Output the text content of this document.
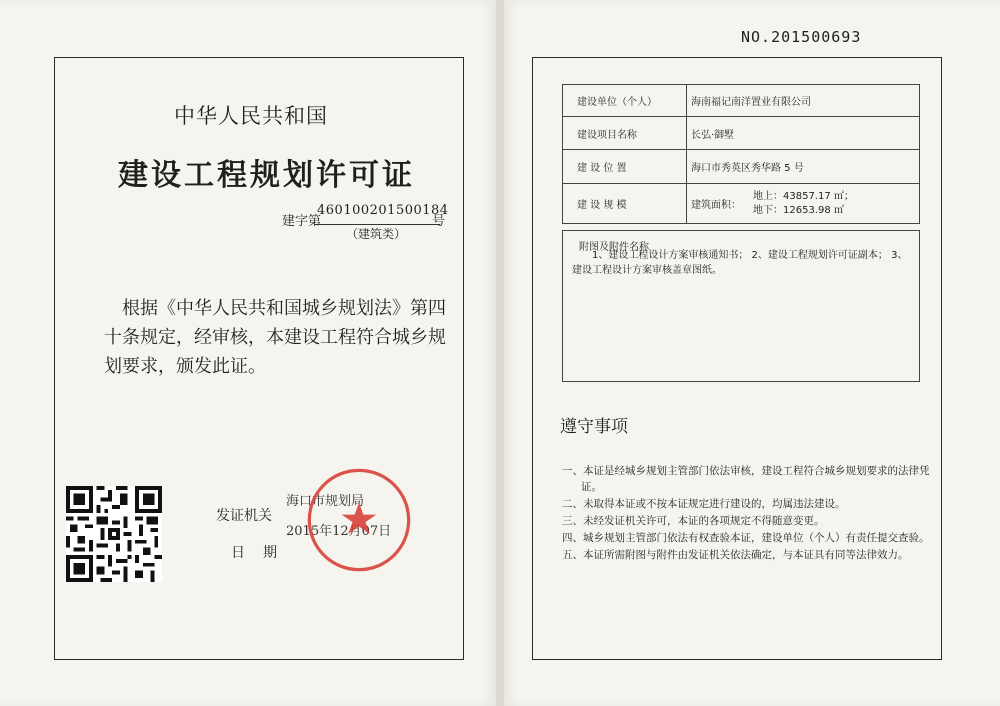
中华人民共和国
建设工程规划许可证
建字第
460100201500184
号
（建筑类）
根据《中华人民共和国城乡规划法》第四十条规定，经审核，本建设工程符合城乡规划要求，颁发此证。
发证机关
日期
海口市规划局
2015年12月07日
NO.201500693
建设单位（个人）	海南福记南洋置业有限公司
建设项目名称	长弘·御墅
建 设 位 置	海口市秀英区秀华路 5 号
建 设 规 模	建筑面积：
地上：43857.17 ㎡；
地下：12653.98 ㎡
附图及附件名称
1、建设工程设计方案审核通知书； 2、建设工程规划许可证副本； 3、建设工程设计方案审核盖章图纸。
遵守事项
一、本证是经城乡规划主管部门依法审核，建设工程符合城乡规划要求的法律凭证。
二、未取得本证或不按本证规定进行建设的，均属违法建设。
三、未经发证机关许可，本证的各项规定不得随意变更。
四、城乡规划主管部门依法有权查验本证，建设单位（个人）有责任提交查验。
五、本证所需附图与附件由发证机关依法确定，与本证具有同等法律效力。
